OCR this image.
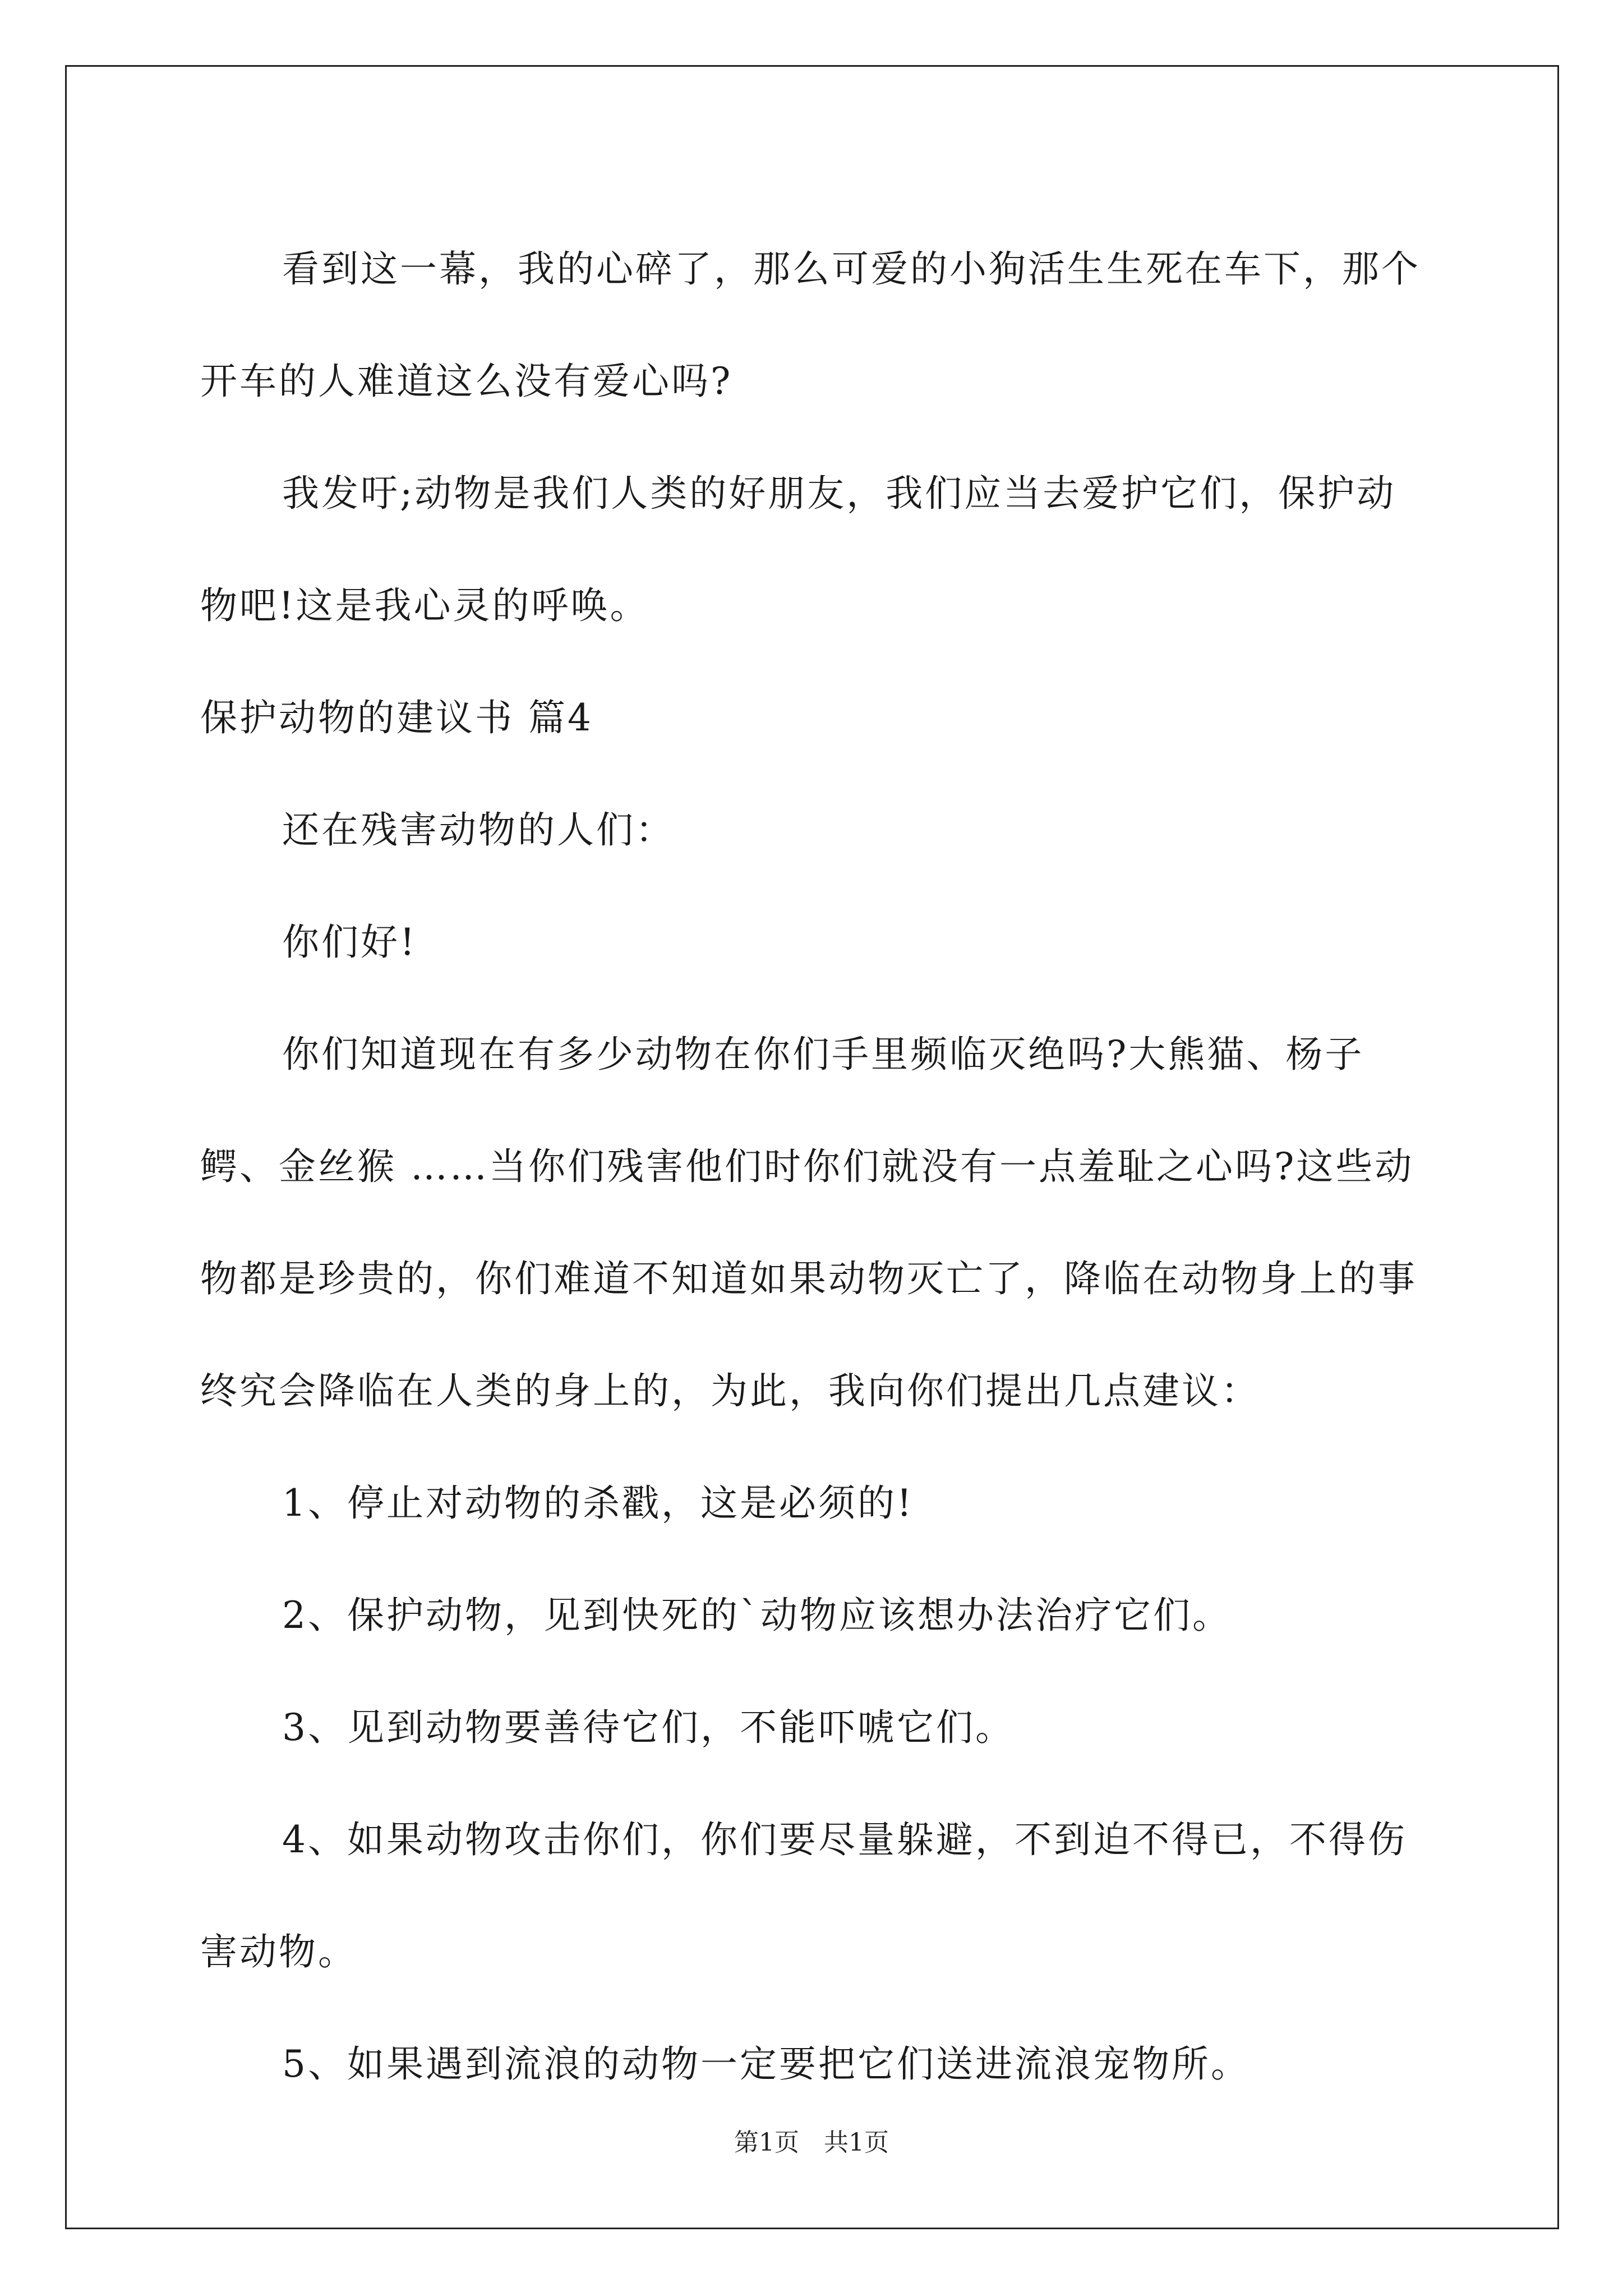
看到这一幕，我的心碎了，那么可爱的小狗活生生死在车下，那个开车的人难道这么没有爱心吗?

我发吁;动物是我们人类的好朋友，我们应当去爱护它们，保护动物吧!这是我心灵的呼唤。

保护动物的建议书 篇4

还在残害动物的人们：

你们好!

你们知道现在有多少动物在你们手里频临灭绝吗?大熊猫、杨子鳄、金丝猴 ……当你们残害他们时你们就没有一点羞耻之心吗?这些动物都是珍贵的，你们难道不知道如果动物灭亡了，降临在动物身上的事终究会降临在人类的身上的，为此，我向你们提出几点建议：

1、停止对动物的杀戳，这是必须的!

2、保护动物，见到快死的`动物应该想办法治疗它们。

3、见到动物要善待它们，不能吓唬它们。

4、如果动物攻击你们，你们要尽量躲避，不到迫不得已，不得伤害动物。

5、如果遇到流浪的动物一定要把它们送进流浪宠物所。

第1页　共1页
